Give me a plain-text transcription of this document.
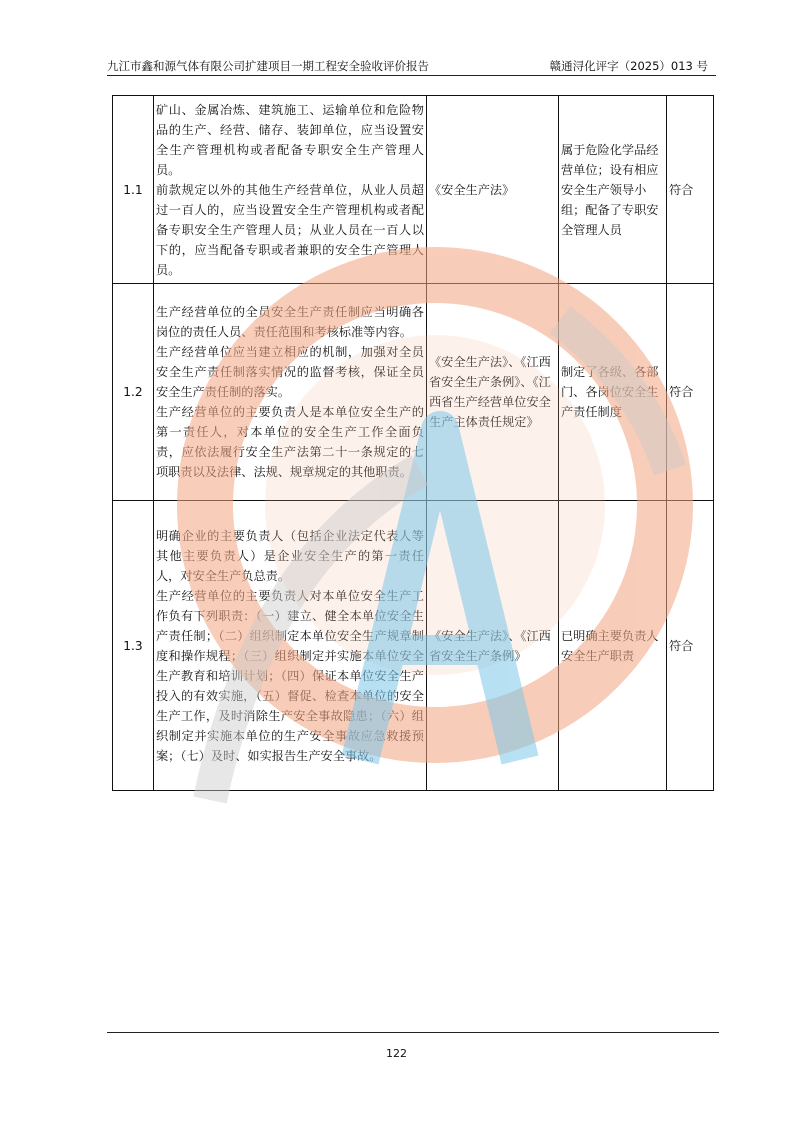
九江市鑫和源气体有限公司扩建项目一期工程安全验收评价报告	赣通浔化评字（2025）013 号
1.1	矿山、金属冶炼、建筑施工、运输单位和危险物品的生产、经营、储存、装卸单位，应当设置安全生产管理机构或者配备专职安全生产管理人员。
前款规定以外的其他生产经营单位，从业人员超过一百人的，应当设置安全生产管理机构或者配备专职安全生产管理人员；从业人员在一百人以下的，应当配备专职或者兼职的安全生产管理人员。	《安全生产法》	属于危险化学品经营单位；设有相应安全生产领导小组；配备了专职安全管理人员	符合
1.2	生产经营单位的全员安全生产责任制应当明确各岗位的责任人员、责任范围和考核标准等内容。
生产经营单位应当建立相应的机制，加强对全员安全生产责任制落实情况的监督考核，保证全员安全生产责任制的落实。
生产经营单位的主要负责人是本单位安全生产的第一责任人，对本单位的安全生产工作全面负责，应依法履行安全生产法第二十一条规定的七项职责以及法律、法规、规章规定的其他职责。	《安全生产法》、《江西省安全生产条例》、《江西省生产经营单位安全生产主体责任规定》	制定了各级、各部门、各岗位安全生产责任制度	符合
1.3	明确企业的主要负责人（包括企业法定代表人等其他主要负责人）是企业安全生产的第一责任人，对安全生产负总责。
生产经营单位的主要负责人对本单位安全生产工作负有下列职责：（一）建立、健全本单位安全生产责任制；（二）组织制定本单位安全生产规章制度和操作规程；（三）组织制定并实施本单位安全生产教育和培训计划；（四）保证本单位安全生产投入的有效实施，（五）督促、检查本单位的安全生产工作，及时消除生产安全事故隐患；（六）组织制定并实施本单位的生产安全事故应急救援预案；（七）及时、如实报告生产安全事故。	《安全生产法》、《江西省安全生产条例》	已明确主要负责人安全生产职责	符合
122
